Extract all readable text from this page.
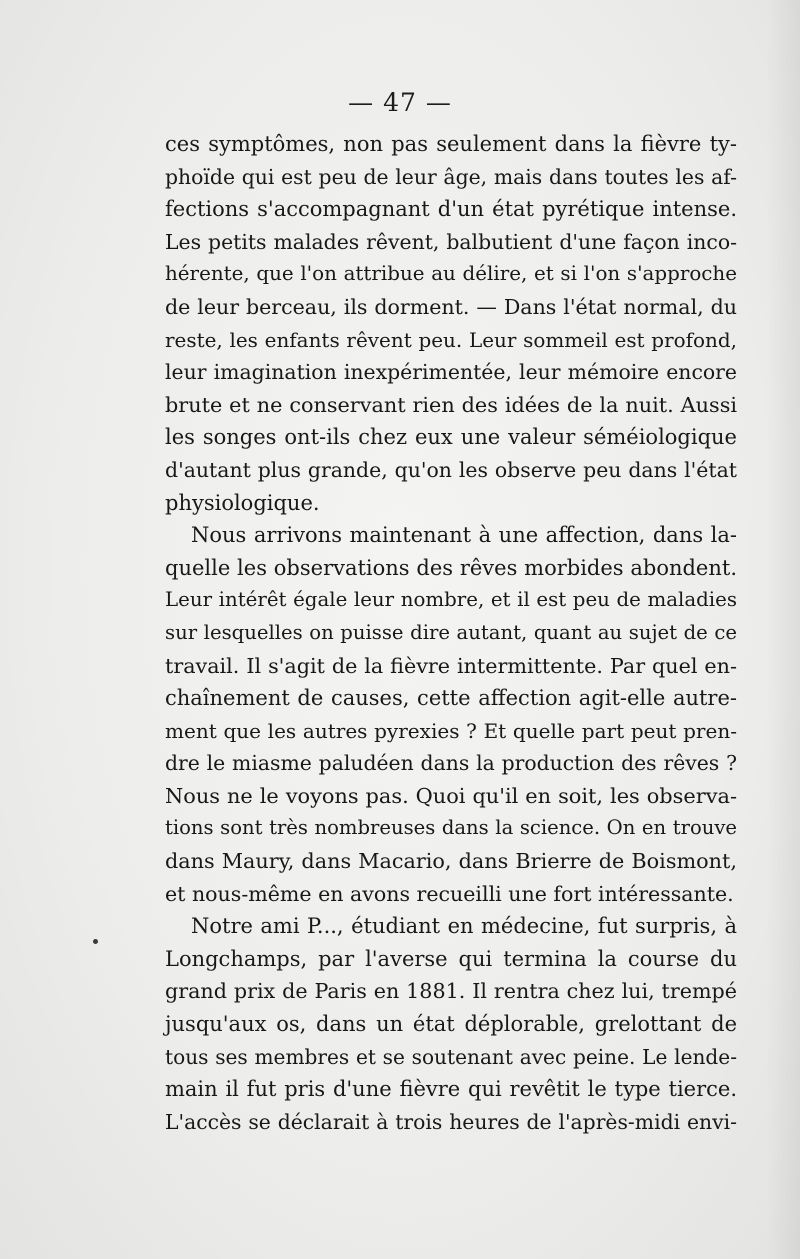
— 47 —

ces symptômes, non pas seulement dans la fièvre ty-
phoïde qui est peu de leur âge, mais dans toutes les af-
fections s'accompagnant d'un état pyrétique intense.
Les petits malades rêvent, balbutient d'une façon inco-
hérente, que l'on attribue au délire, et si l'on s'approche
de leur berceau, ils dorment. — Dans l'état normal, du
reste, les enfants rêvent peu. Leur sommeil est profond,
leur imagination inexpérimentée, leur mémoire encore
brute et ne conservant rien des idées de la nuit. Aussi
les songes ont-ils chez eux une valeur séméiologique
d'autant plus grande, qu'on les observe peu dans l'état
physiologique.

Nous arrivons maintenant à une affection, dans la-
quelle les observations des rêves morbides abondent.
Leur intérêt égale leur nombre, et il est peu de maladies
sur lesquelles on puisse dire autant, quant au sujet de ce
travail. Il s'agit de la fièvre intermittente. Par quel en-
chaînement de causes, cette affection agit-elle autre-
ment que les autres pyrexies ? Et quelle part peut pren-
dre le miasme paludéen dans la production des rêves ?
Nous ne le voyons pas. Quoi qu'il en soit, les observa-
tions sont très nombreuses dans la science. On en trouve
dans Maury, dans Macario, dans Brierre de Boismont,
et nous-même en avons recueilli une fort intéressante.

Notre ami P..., étudiant en médecine, fut surpris, à
Longchamps, par l'averse qui termina la course du
grand prix de Paris en 1881. Il rentra chez lui, trempé
jusqu'aux os, dans un état déplorable, grelottant de
tous ses membres et se soutenant avec peine. Le lende-
main il fut pris d'une fièvre qui revêtit le type tierce.
L'accès se déclarait à trois heures de l'après-midi envi-
